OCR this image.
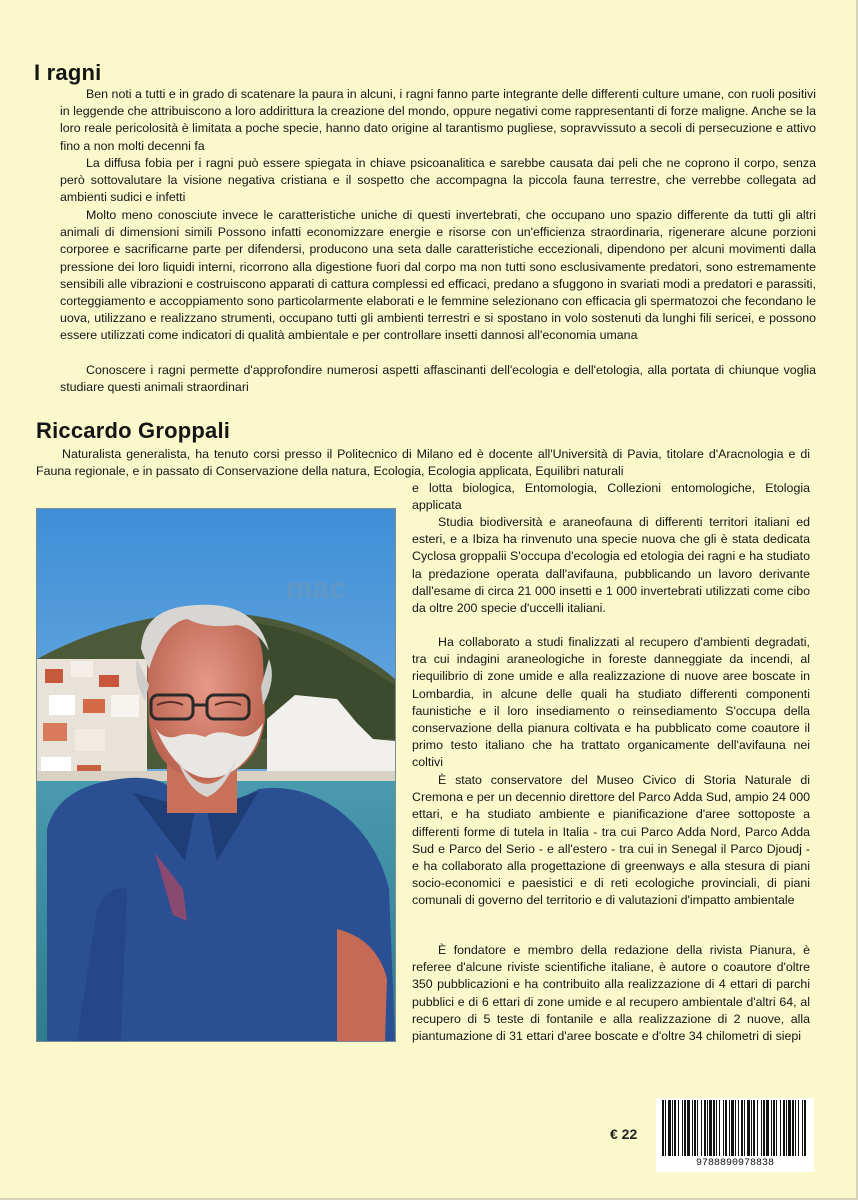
I ragni

Ben noti a tutti e in grado di scatenare la paura in alcuni, i ragni fanno parte integrante delle differenti culture umane, con ruoli positivi in leggende che attribuiscono a loro addirittura la creazione del mondo, oppure negativi come rappresentanti di forze maligne. Anche se la loro reale pericolosità è limitata a poche specie, hanno dato origine al tarantismo pugliese, sopravvissuto a secoli di persecuzione e attivo fino a non molti decenni fa

La diffusa fobia per i ragni può essere spiegata in chiave psicoanalitica e sarebbe causata dai peli che ne coprono il corpo, senza però sottovalutare la visione negativa cristiana e il sospetto che accompagna la piccola fauna terrestre, che verrebbe collegata ad ambienti sudici e infetti

Molto meno conosciute invece le caratteristiche uniche di questi invertebrati, che occupano uno spazio differente da tutti gli altri animali di dimensioni simili Possono infatti economizzare energie e risorse con un'efficienza straordinaria, rigenerare alcune porzioni corporee e sacrificarne parte per difendersi, producono una seta dalle caratteristiche eccezionali, dipendono per alcuni movimenti dalla pressione dei loro liquidi interni, ricorrono alla digestione fuori dal corpo ma non tutti sono esclusivamente predatori, sono estremamente sensibili alle vibrazioni e costruiscono apparati di cattura complessi ed efficaci, predano a sfuggono in svariati modi a predatori e parassiti, corteggiamento e accoppiamento sono particolarmente elaborati e le femmine selezionano con efficacia gli spermatozoi che fecondano le uova, utilizzano e realizzano strumenti, occupano tutti gli ambienti terrestri e si spostano in volo sostenuti da lunghi fili sericei, e possono essere utilizzati come indicatori di qualità ambientale e per controllare insetti dannosi all'economia umana

Conoscere i ragni permette d'approfondire numerosi aspetti affascinanti dell'ecologia e dell'etologia, alla portata di chiunque voglia studiare questi animali straordinari

Riccardo Groppali

Naturalista generalista, ha tenuto corsi presso il Politecnico di Milano ed è docente all'Università di Pavia, titolare d'Aracnologia e di Fauna regionale, e in passato di Conservazione della natura, Ecologia, Ecologia applicata, Equilibri naturali

e lotta biologica, Entomologia, Collezioni entomologiche, Etologia applicata

mac

Studia biodiversità e araneofauna di differenti territori italiani ed esteri, e a Ibiza ha rinvenuto una specie nuova che gli è stata dedicata Cyclosa groppalii S'occupa d'ecologia ed etologia dei ragni e ha studiato la predazione operata dall'avifauna, pubblicando un lavoro derivante dall'esame di circa 21 000 insetti e 1 000 invertebrati utilizzati come cibo da oltre 200 specie d'uccelli italiani.

Ha collaborato a studi finalizzati al recupero d'ambienti degradati, tra cui indagini araneologiche in foreste danneggiate da incendi, al riequilibrio di zone umide e alla realizzazione di nuove aree boscate in Lombardia, in alcune delle quali ha studiato differenti componenti faunistiche e il loro insediamento o reinsediamento S'occupa della conservazione della pianura coltivata e ha pubblicato come coautore il primo testo italiano che ha trattato organicamente dell'avifauna nei coltivi

È stato conservatore del Museo Civico di Storia Naturale di Cremona e per un decennio direttore del Parco Adda Sud, ampio 24 000 ettari, e ha studiato ambiente e pianificazione d'aree sottoposte a differenti forme di tutela in Italia - tra cui Parco Adda Nord, Parco Adda Sud e Parco del Serio - e all'estero - tra cui in Senegal il Parco Djoudj - e ha collaborato alla progettazione di greenways e alla stesura di piani socio-economici e paesistici e di reti ecologiche provinciali, di piani comunali di governo del territorio e di valutazioni d'impatto ambientale

È fondatore e membro della redazione della rivista Pianura, è referee d'alcune riviste scientifiche italiane, è autore o coautore d'oltre 350 pubblicazioni e ha contribuito alla realizzazione di 4 ettari di parchi pubblici e di 6 ettari di zone umide e al recupero ambientale d'altri 64, al recupero di 5 teste di fontanile e alla realizzazione di 2 nuove, alla piantumazione di 31 ettari d'aree boscate e d'oltre 34 chilometri di siepi

€ 22
9788890978838
